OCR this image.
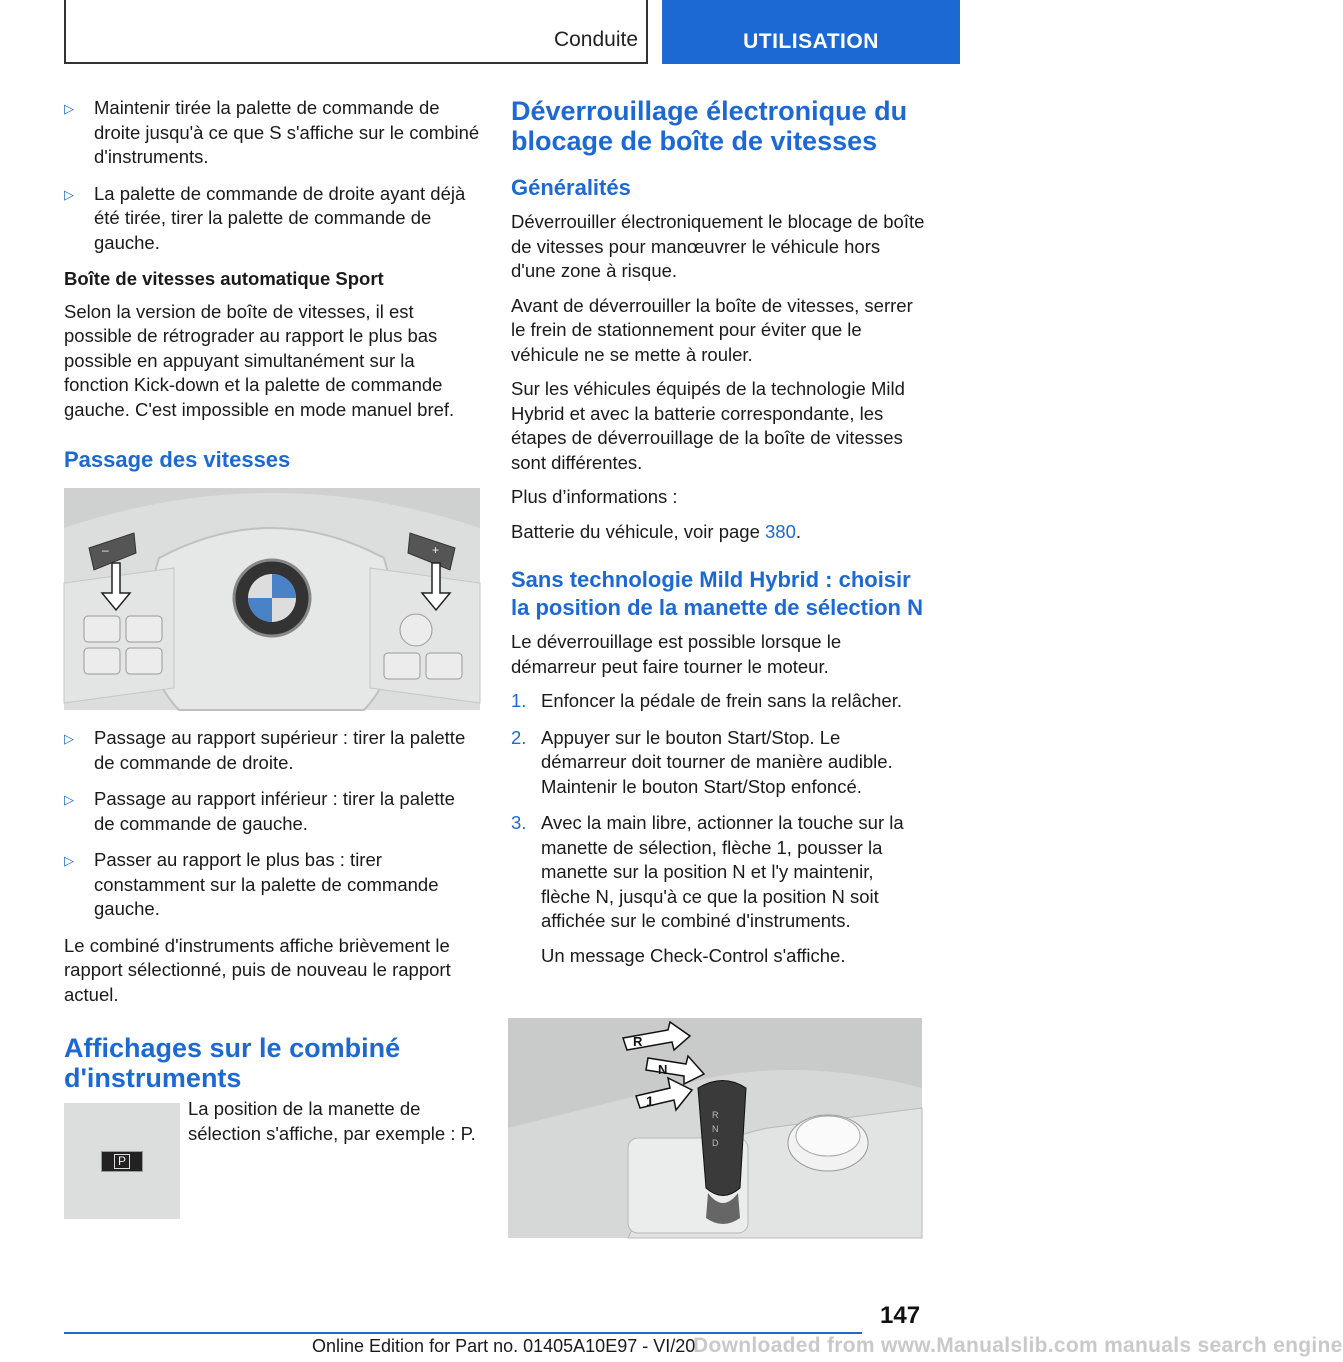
Conduite	UTILISATION
▷ Maintenir tirée la palette de commande de droite jusqu'à ce que S s'affiche sur le combiné d'instruments.
▷ La palette de commande de droite ayant déjà été tirée, tirer la palette de commande de gauche.
Boîte de vitesses automatique Sport

Selon la version de boîte de vitesses, il est possible de rétrograder au rapport le plus bas possible en appuyant simultanément sur la fonction Kick-down et la palette de commande gauche. C'est impossible en mode manuel bref.

Passage des vitesses
–	+
▷ Passage au rapport supérieur : tirer la palette de commande de droite.
▷ Passage au rapport inférieur : tirer la palette de commande de gauche.
▷ Passer au rapport le plus bas : tirer constamment sur la palette de commande gauche.

Le combiné d'instruments affiche brièvement le rapport sélectionné, puis de nouveau le rapport actuel.

Affichages sur le combiné d'instruments
P

La position de la manette de sélection s'affiche, par exemple : P.

Déverrouillage électronique du blocage de boîte de vitesses
Généralités

Déverrouiller électroniquement le blocage de boîte de vitesses pour manœuvrer le véhicule hors d'une zone à risque.

Avant de déverrouiller la boîte de vitesses, serrer le frein de stationnement pour éviter que le véhicule ne se mette à rouler.

Sur les véhicules équipés de la technologie Mild Hybrid et avec la batterie correspondante, les étapes de déverrouillage de la boîte de vitesses sont différentes.

Plus d’informations :

Batterie du véhicule, voir page 380.

Sans technologie Mild Hybrid : choisir la position de la manette de sélection N

Le déverrouillage est possible lorsque le démarreur peut faire tourner le moteur.

1. Enfoncer la pédale de frein sans la relâcher.
2. Appuyer sur le bouton Start/Stop. Le démarreur doit tourner de manière audible. Maintenir le bouton Start/Stop enfoncé.
3. Avec la main libre, actionner la touche sur la manette de sélection, flèche 1, pousser la manette sur la position N et l'y maintenir, flèche N, jusqu'à ce que la position N soit affichée sur le combiné d'instruments.
Un message Check-Control s'affiche.
R
N
D
R
N
1
147
Online Edition for Part no. 01405A10E97 - VI/20
Downloaded from www.Manualslib.com manuals search engine
